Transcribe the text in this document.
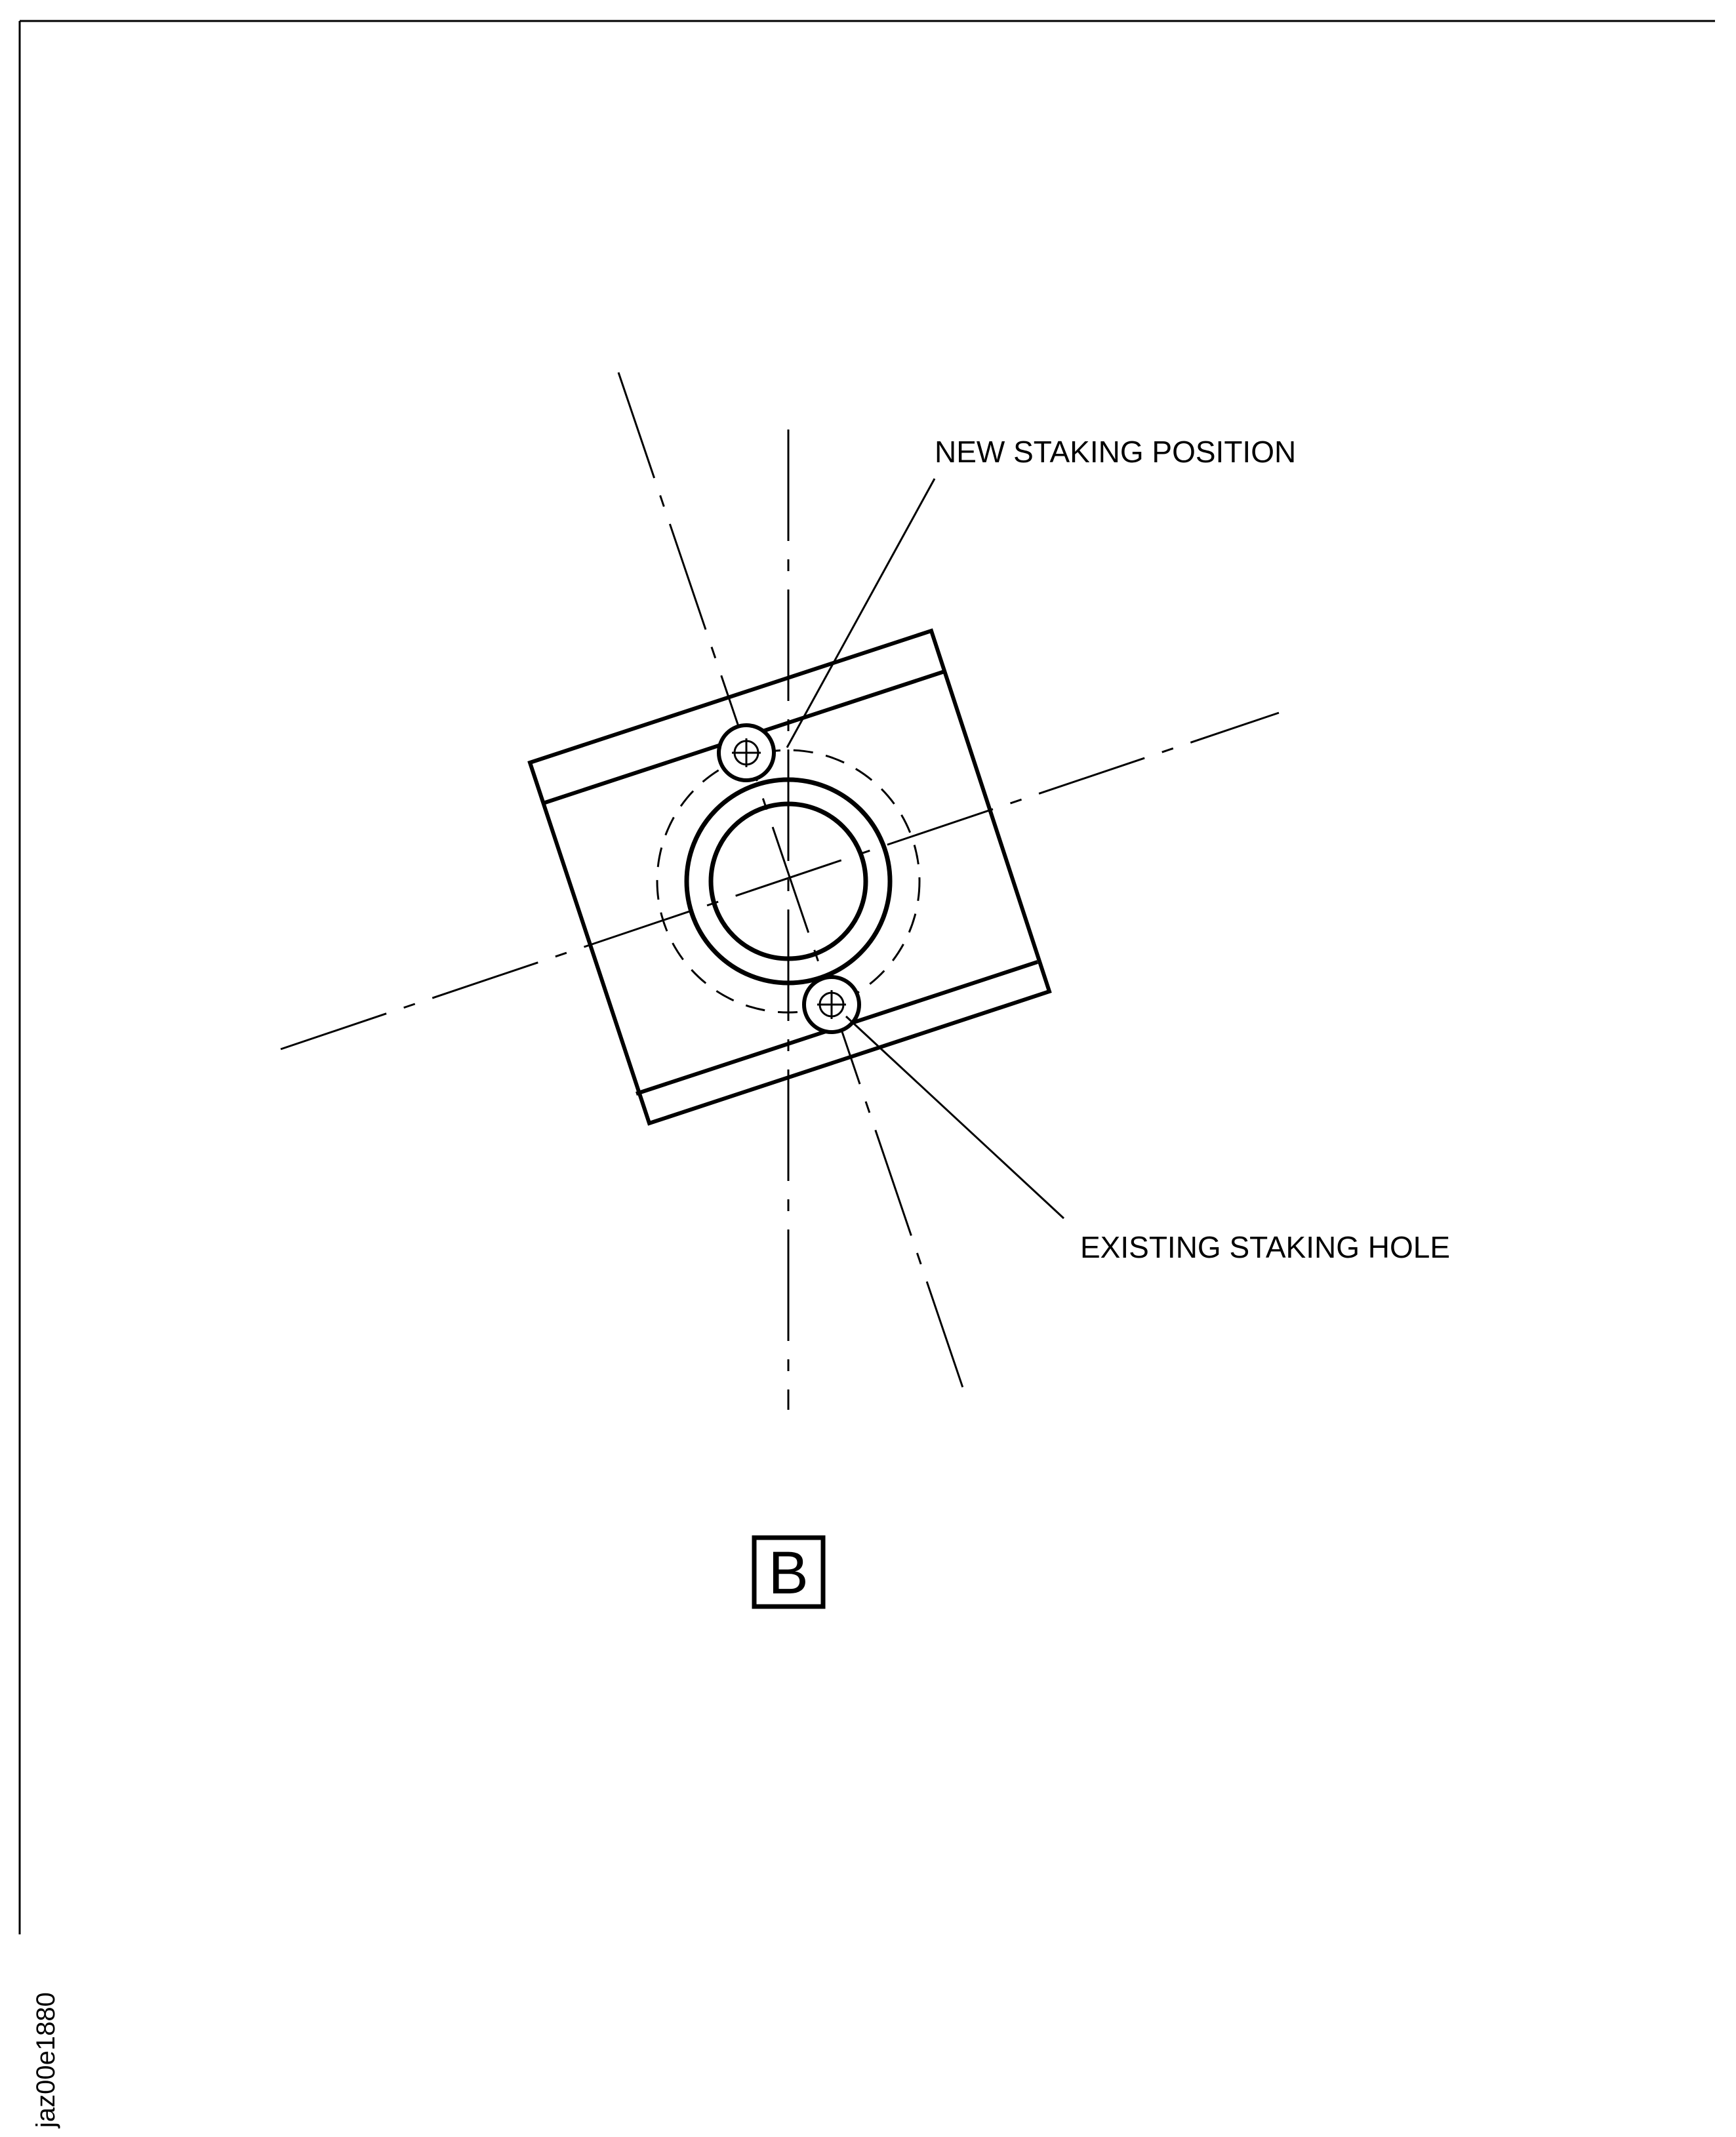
NEW STAKING POSITION
EXISTING STAKING HOLE
B
jaz00e1880
